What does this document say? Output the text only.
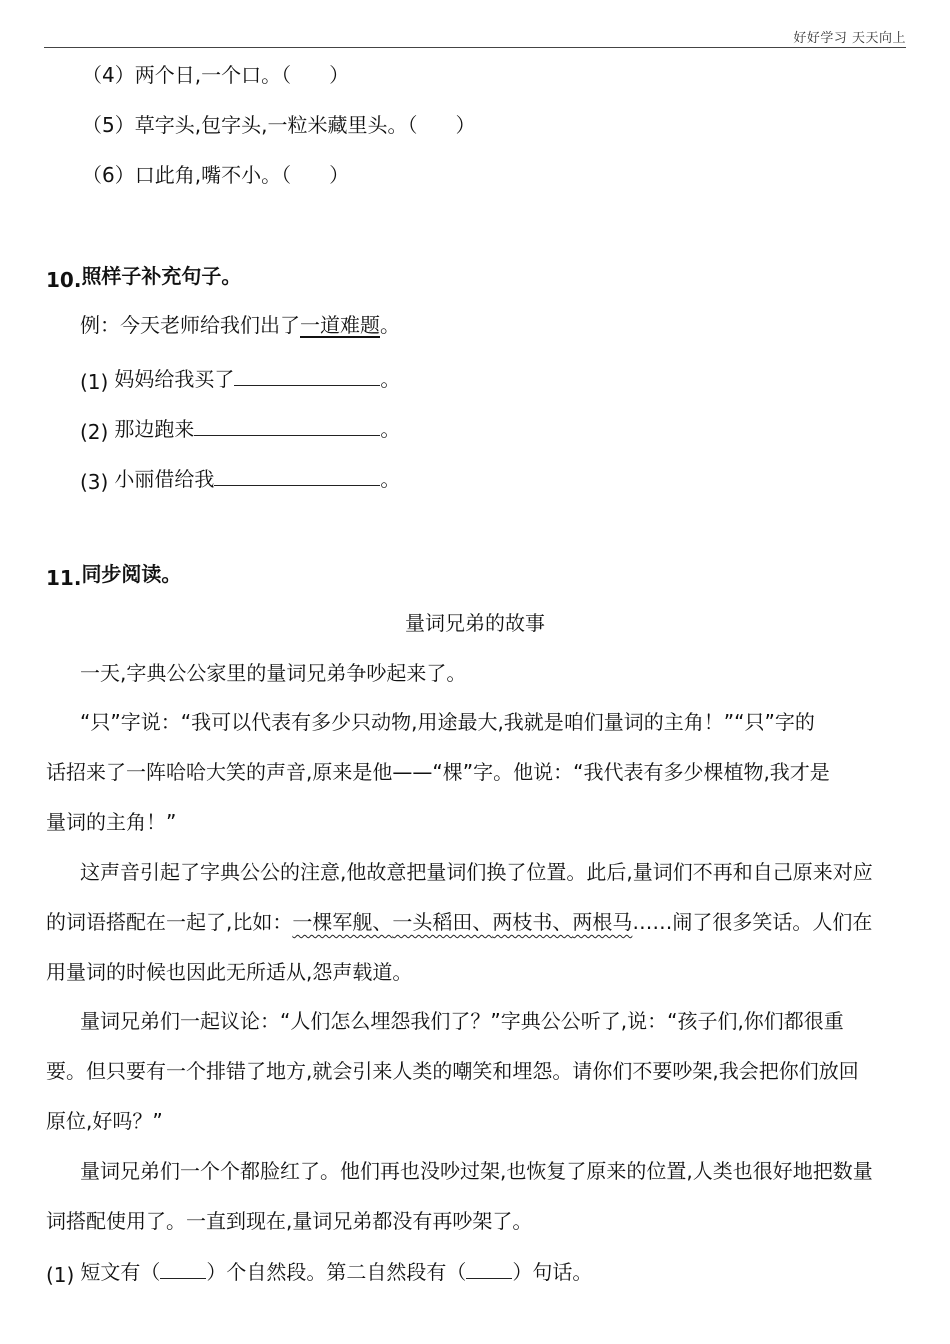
好好学习 天天向上
（4）两个日,一个口。（ ）
（5）草字头,包字头,一粒米藏里头。（ ）
（6）口此角,嘴不小。（ ）
10.照样子补充句子。
例：今天老师给我们出了一道难题。
(1) 妈妈给我买了	。
(2) 那边跑来	。
(3) 小丽借给我	。
11.同步阅读。
量词兄弟的故事
一天,字典公公家里的量词兄弟争吵起来了。
“只”字说：“我可以代表有多少只动物,用途最大,我就是咱们量词的主角！”“只”字的
话招来了一阵哈哈大笑的声音,原来是他——“棵”字。他说：“我代表有多少棵植物,我才是
量词的主角！”
这声音引起了字典公公的注意,他故意把量词们换了位置。此后,量词们不再和自己原来对应
的词语搭配在一起了,比如：一棵军舰、一头稻田、两枝书、两根马……闹了很多笑话。人们在
用量词的时候也因此无所适从,怨声载道。
量词兄弟们一起议论：“人们怎么埋怨我们了？”字典公公听了,说：“孩子们,你们都很重
要。但只要有一个排错了地方,就会引来人类的嘲笑和埋怨。请你们不要吵架,我会把你们放回
原位,好吗？”
量词兄弟们一个个都脸红了。他们再也没吵过架,也恢复了原来的位置,人类也很好地把数量
词搭配使用了。一直到现在,量词兄弟都没有再吵架了。
(1) 短文有（ ）个自然段。第二自然段有（ ）句话。
